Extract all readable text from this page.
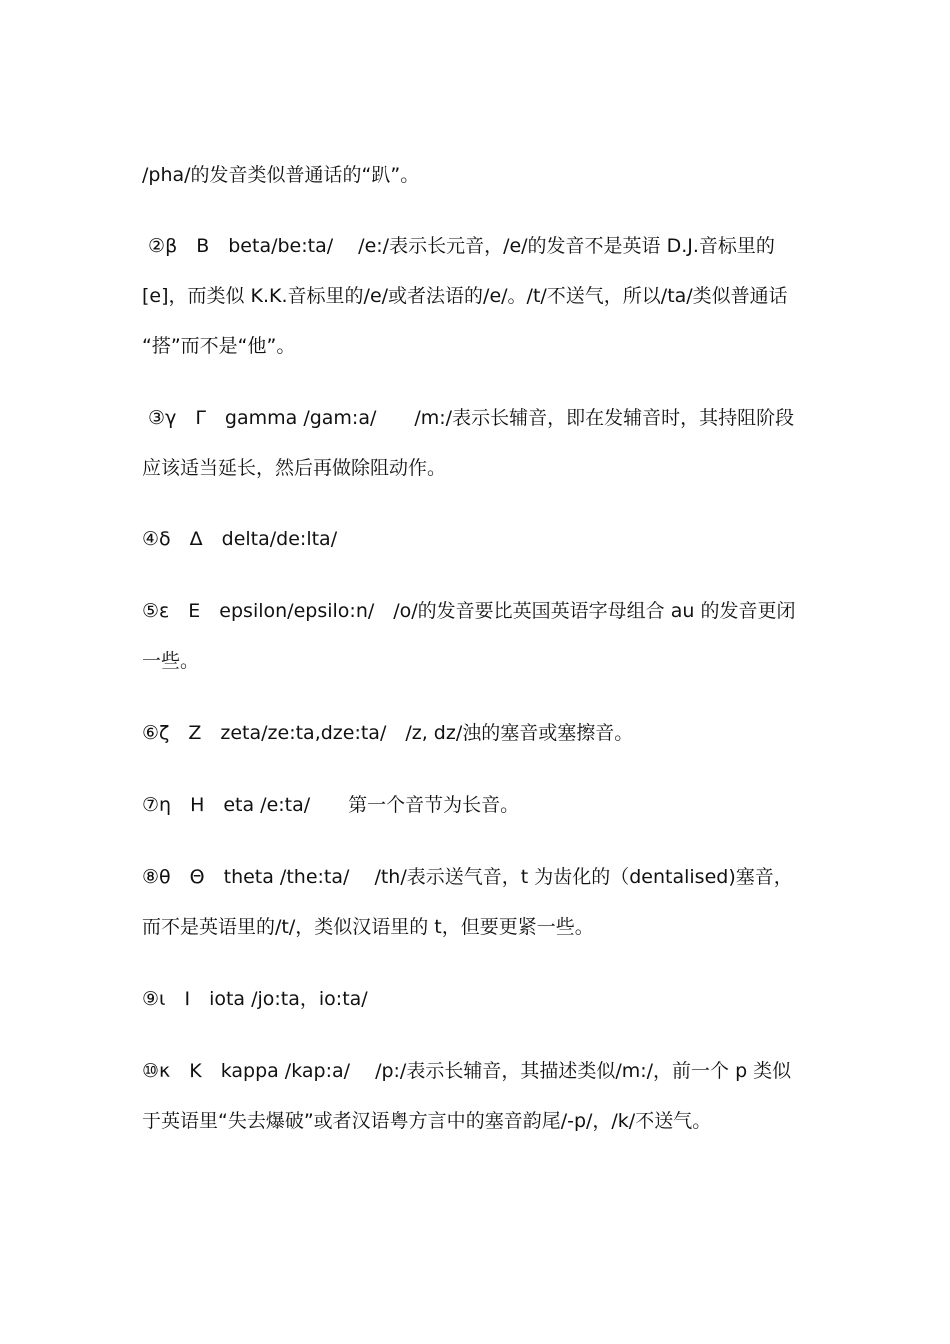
/pha/的发音类似普通话的“趴”。
②β　B　beta/be:ta/　 /e:/表示长元音，/e/的发音不是英语 D.J.音标里的 [e]，而类似 K.K.音标里的/e/或者法语的/e/。/t/不送气，所以/ta/类似普通话 “搭”而不是“他”。
③γ　Γ　gamma /gam:a/　　/m:/表示长辅音，即在发辅音时，其持阻阶段应该适当延长，然后再做除阻动作。
④δ　Δ　delta/de:lta/
⑤ε　Ε　epsilon/epsilo:n/　/o/的发音要比英国英语字母组合 au 的发音更闭一些。
⑥ζ　Ζ　zeta/ze:ta,dze:ta/　/z, dz/浊的塞音或塞擦音。
⑦η　Η　eta /e:ta/　　第一个音节为长音。
⑧θ　Θ　theta /the:ta/　 /th/表示送气音，t 为齿化的（dentalised)塞音，而不是英语里的/t/，类似汉语里的 t，但要更紧一些。
⑨ι　Ι　iota /jo:ta，io:ta/
⑩κ　Κ　kappa /kap:a/　 /p:/表示长辅音，其描述类似/m:/，前一个 p 类似于英语里“失去爆破”或者汉语粤方言中的塞音韵尾/-p/，/k/不送气。
